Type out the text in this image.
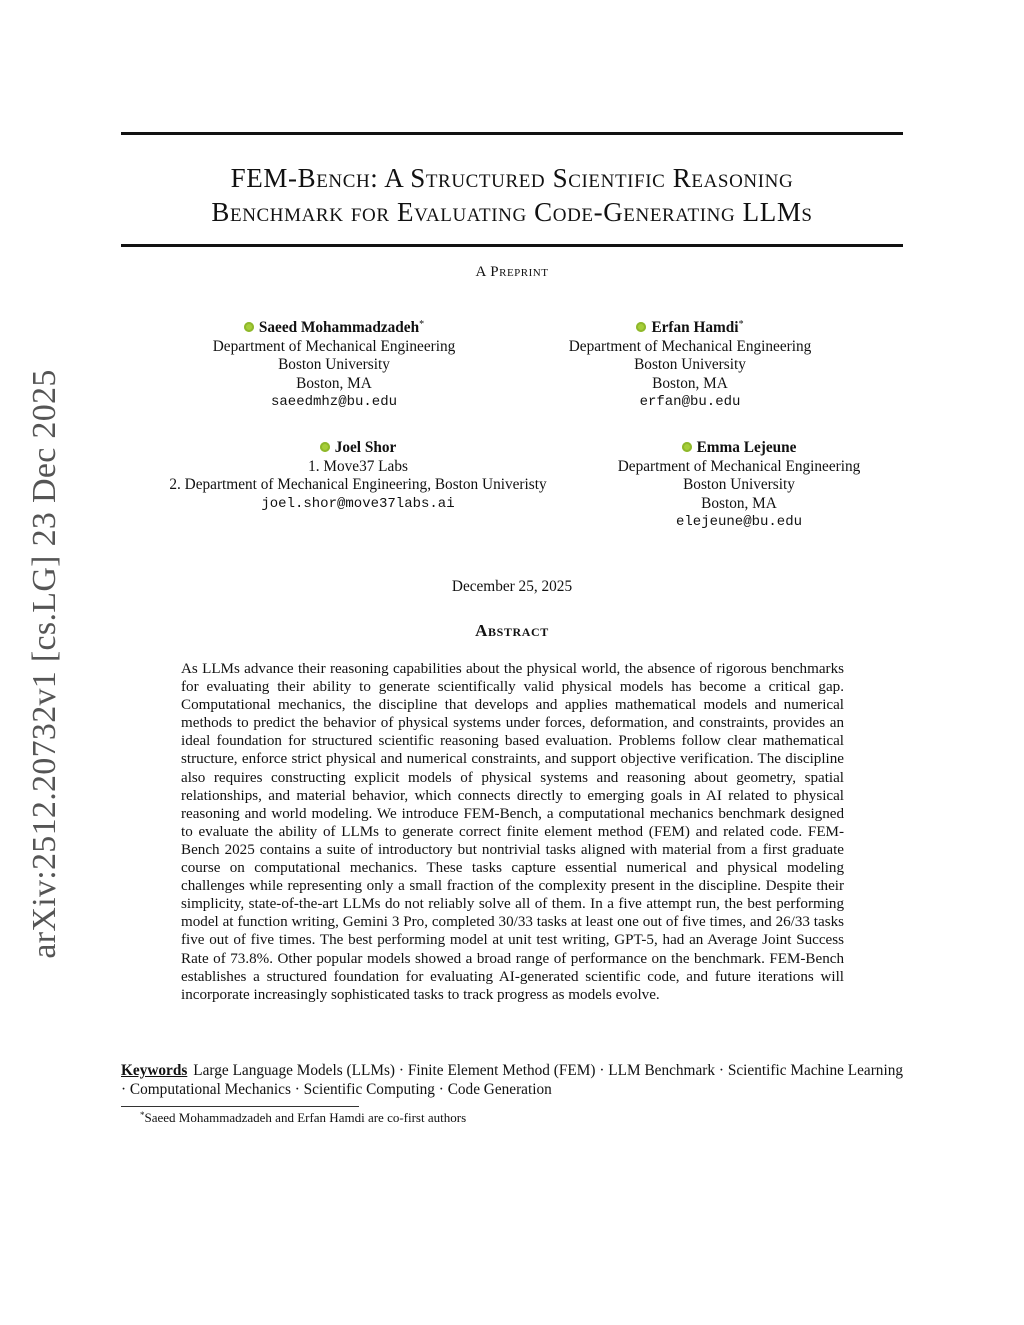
arXiv:2512.20732v1 [cs.LG] 23 Dec 2025
FEM-Bench: A Structured Scientific Reasoning
Benchmark for Evaluating Code-Generating LLMs
A Preprint
Saeed Mohammadzadeh*
Department of Mechanical Engineering
Boston University
Boston, MA
saeedmhz@bu.edu
Erfan Hamdi*
Department of Mechanical Engineering
Boston University
Boston, MA
erfan@bu.edu
Joel Shor
1. Move37 Labs
2. Department of Mechanical Engineering, Boston Univeristy
joel.shor@move37labs.ai
Emma Lejeune
Department of Mechanical Engineering
Boston University
Boston, MA
elejeune@bu.edu
December 25, 2025
Abstract
As LLMs advance their reasoning capabilities about the physical world, the absence of rigorous benchmarks for evaluating their ability to generate scientifically valid physical models has become a critical gap. Computational mechanics, the discipline that develops and applies mathematical models and numerical methods to predict the behavior of physical systems under forces, deformation, and constraints, provides an ideal foundation for structured scientific reasoning based evaluation. Problems follow clear mathematical structure, enforce strict physical and numerical constraints, and support objective verification. The discipline also requires constructing explicit models of physical systems and reasoning about geometry, spatial relationships, and material behavior, which connects directly to emerging goals in AI related to physical reasoning and world modeling. We introduce FEM-Bench, a computational mechanics benchmark designed to evaluate the ability of LLMs to generate correct finite element method (FEM) and related code. FEM-Bench 2025 contains a suite of introductory but nontrivial tasks aligned with material from a first graduate course on computational mechanics. These tasks capture essential numerical and physical modeling challenges while representing only a small fraction of the complexity present in the discipline. Despite their simplicity, state-of-the-art LLMs do not reliably solve all of them. In a five attempt run, the best performing model at function writing, Gemini 3 Pro, completed 30/33 tasks at least one out of five times, and 26/33 tasks five out of five times. The best performing model at unit test writing, GPT-5, had an Average Joint Success Rate of 73.8%. Other popular models showed a broad range of performance on the benchmark. FEM-Bench establishes a structured foundation for evaluating AI-generated scientific code, and future iterations will incorporate increasingly sophisticated tasks to track progress as models evolve.
Keywords Large Language Models (LLMs) · Finite Element Method (FEM) · LLM Benchmark · Scientific Machine Learning · Computational Mechanics · Scientific Computing · Code Generation
*Saeed Mohammadzadeh and Erfan Hamdi are co-first authors
